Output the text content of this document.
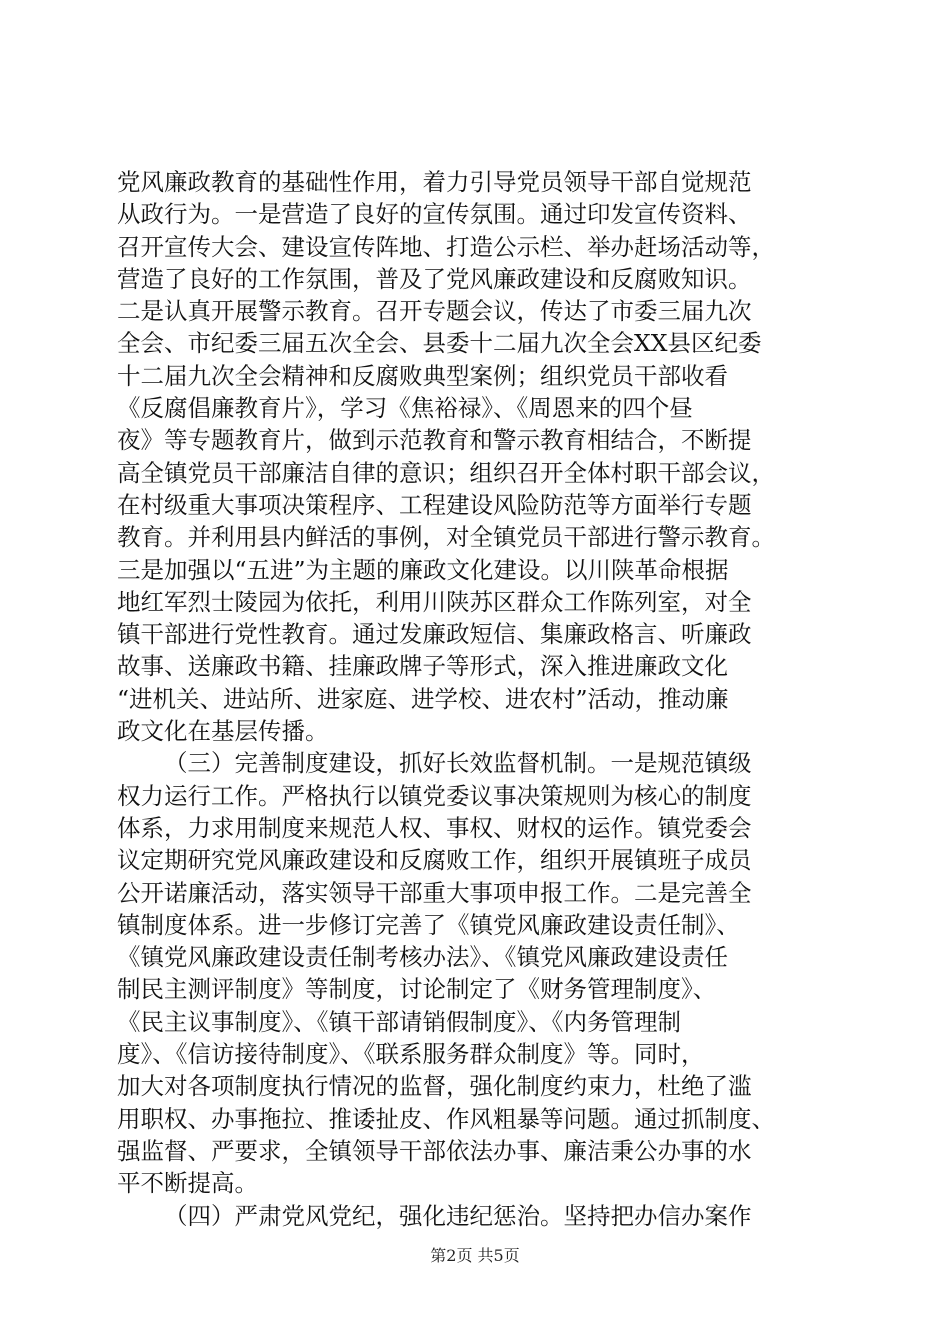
党风廉政教育的基础性作用，着力引导党员领导干部自觉规范
从政行为。一是营造了良好的宣传氛围。通过印发宣传资料、
召开宣传大会、建设宣传阵地、打造公示栏、举办赶场活动等，
营造了良好的工作氛围，普及了党风廉政建设和反腐败知识。
二是认真开展警示教育。召开专题会议，传达了市委三届九次
全会、市纪委三届五次全会、县委十二届九次全会XX县区纪委
十二届九次全会精神和反腐败典型案例；组织党员干部收看
《反腐倡廉教育片》，学习《焦裕禄》、《周恩来的四个昼
夜》等专题教育片，做到示范教育和警示教育相结合，不断提
高全镇党员干部廉洁自律的意识；组织召开全体村职干部会议，
在村级重大事项决策程序、工程建设风险防范等方面举行专题
教育。并利用县内鲜活的事例，对全镇党员干部进行警示教育。
三是加强以“五进”为主题的廉政文化建设。以川陕革命根据
地红军烈士陵园为依托，利用川陕苏区群众工作陈列室，对全
镇干部进行党性教育。通过发廉政短信、集廉政格言、听廉政
故事、送廉政书籍、挂廉政牌子等形式，深入推进廉政文化
“进机关、进站所、进家庭、进学校、进农村”活动，推动廉
政文化在基层传播。
（三）完善制度建设，抓好长效监督机制。一是规范镇级
权力运行工作。严格执行以镇党委议事决策规则为核心的制度
体系，力求用制度来规范人权、事权、财权的运作。镇党委会
议定期研究党风廉政建设和反腐败工作，组织开展镇班子成员
公开诺廉活动，落实领导干部重大事项申报工作。二是完善全
镇制度体系。进一步修订完善了《镇党风廉政建设责任制》、
《镇党风廉政建设责任制考核办法》、《镇党风廉政建设责任
制民主测评制度》等制度，讨论制定了《财务管理制度》、
《民主议事制度》、《镇干部请销假制度》、《内务管理制
度》、《信访接待制度》、《联系服务群众制度》等。同时，
加大对各项制度执行情况的监督，强化制度约束力，杜绝了滥
用职权、办事拖拉、推诿扯皮、作风粗暴等问题。通过抓制度、
强监督、严要求，全镇领导干部依法办事、廉洁秉公办事的水
平不断提高。
（四）严肃党风党纪，强化违纪惩治。坚持把办信办案作
第2页 共5页
